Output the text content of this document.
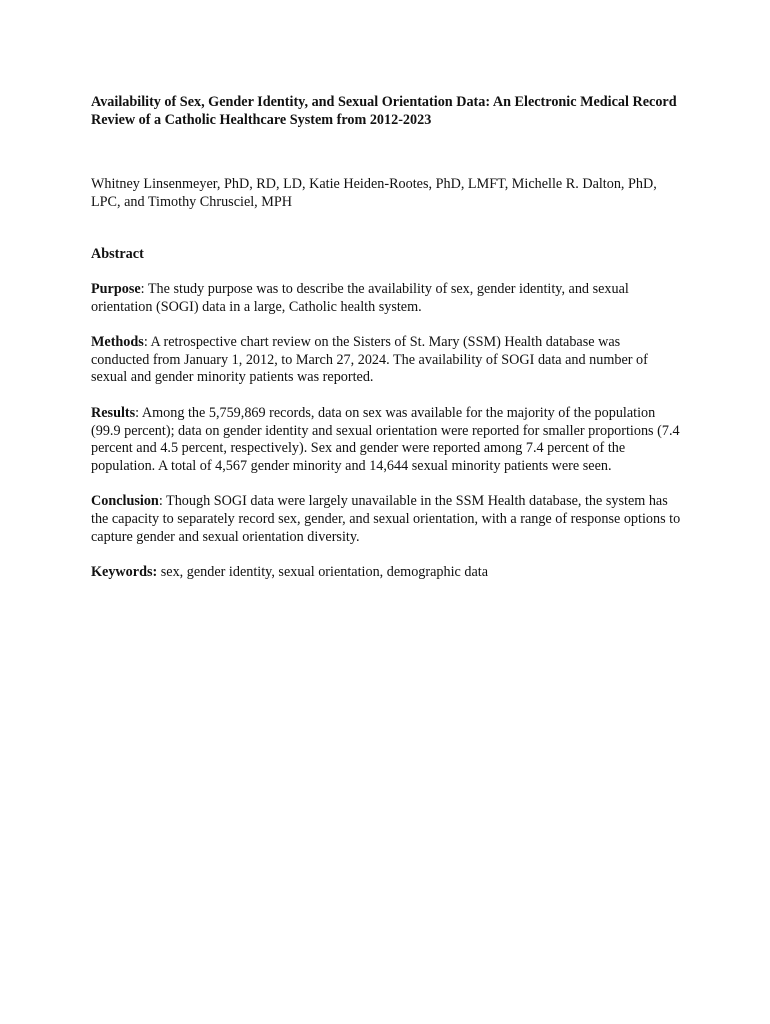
Availability of Sex, Gender Identity, and Sexual Orientation Data: An Electronic Medical Record Review of a Catholic Healthcare System from 2012-2023

Whitney Linsenmeyer, PhD, RD, LD, Katie Heiden-Rootes, PhD, LMFT, Michelle R. Dalton, PhD, LPC, and Timothy Chrusciel, MPH

Abstract

Purpose: The study purpose was to describe the availability of sex, gender identity, and sexual orientation (SOGI) data in a large, Catholic health system.

Methods: A retrospective chart review on the Sisters of St. Mary (SSM) Health database was conducted from January 1, 2012, to March 27, 2024. The availability of SOGI data and number of sexual and gender minority patients was reported.

Results: Among the 5,759,869 records, data on sex was available for the majority of the population (99.9 percent); data on gender identity and sexual orientation were reported for smaller proportions (7.4 percent and 4.5 percent, respectively). Sex and gender were reported among 7.4 percent of the population. A total of 4,567 gender minority and 14,644 sexual minority patients were seen.

Conclusion: Though SOGI data were largely unavailable in the SSM Health database, the system has the capacity to separately record sex, gender, and sexual orientation, with a range of response options to capture gender and sexual orientation diversity.

Keywords: sex, gender identity, sexual orientation, demographic data
